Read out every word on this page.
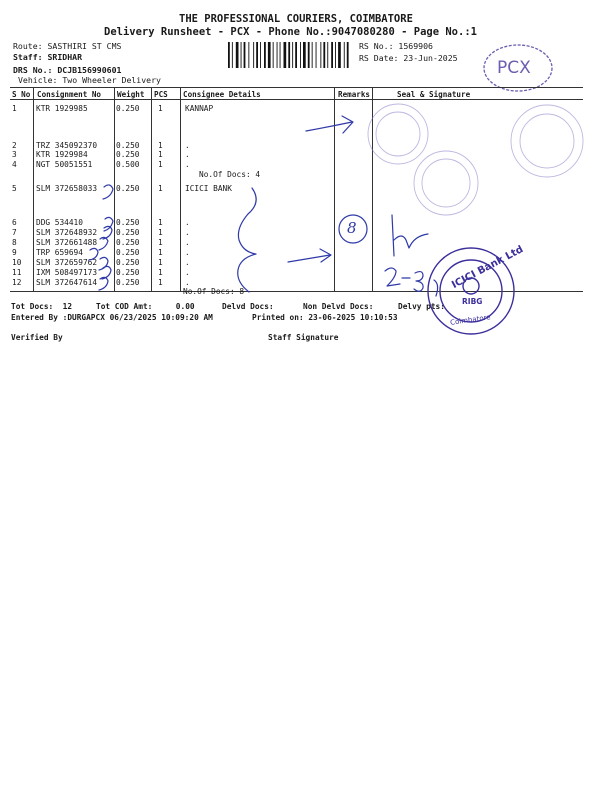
THE PROFESSIONAL COURIERS, COIMBATORE
Delivery Runsheet - PCX - Phone No.:9047080280 - Page No.:1
Route: SASTHIRI ST CMS
Staff: SRIDHAR
DRS No.: DCJB156990601
Vehicle: Two Wheeler Delivery
RS No.: 1569906
RS Date: 23-Jun-2025 PCX
S No Consignment No Weight PCS Consignee Details	Remarks	Seal & Signature
1 KTR 1929985	0.250 1	KANNAP
2 TRZ 345092370 0.250 1	.
3 KTR 1929984	0.250 1	.
4 NGT 50051551	0.500 1	.
5 SLM 372658033 0.250 1	ICICI BANK
6 DDG 534410	0.250 1	.
7 SLM 372648932 0.250 1	.
8 SLM 372661488 0.250 1	.
9 TRP 659694	0.250 1	.
10 SLM 372659762 0.250 1	.
11 IXM 508497173 0.250 1	.
12 SLM 372647614 0.250 1	.
No.Of Docs: 4
No.Of Docs: 8
Tot Docs:  12	Tot COD Amt:     0.00	Delvd Docs:	Non Delvd Docs:	Delvy pts:
Entered By :DURGAPCX 06/23/2025 10:09:20 AM	Printed on: 23-06-2025 10:10:53
Verified By	Staff Signature
ICICI Bank Ltd
RIBG
Coimbatore
8
